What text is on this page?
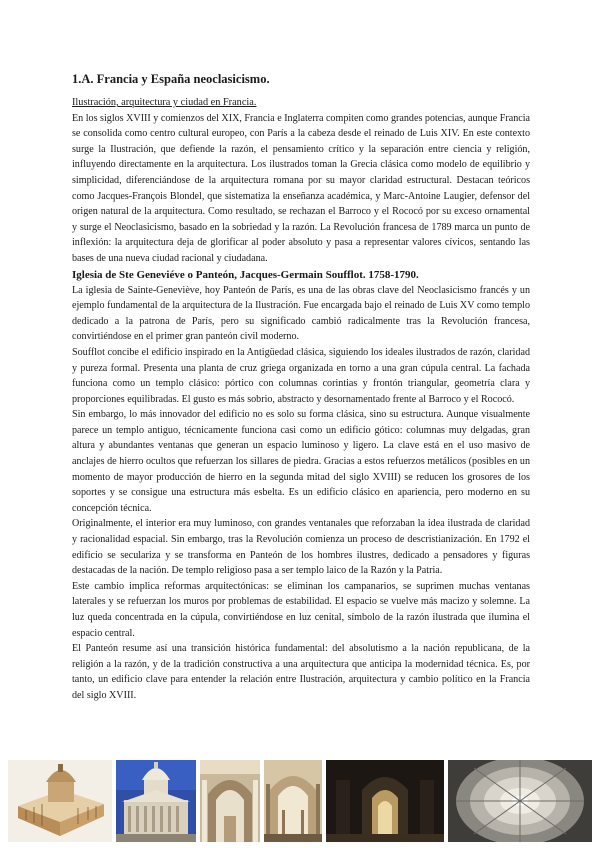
1.A. Francia y España neoclasicismo.

Ilustración, arquitectura y ciudad en Francia.

En los siglos XVIII y comienzos del XIX, Francia e Inglaterra compiten como grandes potencias, aunque Francia se consolida como centro cultural europeo, con París a la cabeza desde el reinado de Luis XIV. En este contexto surge la Ilustración, que defiende la razón, el pensamiento crítico y la separación entre ciencia y religión, influyendo directamente en la arquitectura. Los ilustrados toman la Grecia clásica como modelo de equilibrio y simplicidad, diferenciándose de la arquitectura romana por su mayor claridad estructural. Destacan teóricos como Jacques-François Blondel, que sistematiza la enseñanza académica, y Marc-Antoine Laugier, defensor del origen natural de la arquitectura. Como resultado, se rechazan el Barroco y el Rococó por su exceso ornamental y surge el Neoclasicismo, basado en la sobriedad y la razón. La Revolución francesa de 1789 marca un punto de inflexión: la arquitectura deja de glorificar al poder absoluto y pasa a representar valores cívicos, sentando las bases de una nueva ciudad racional y ciudadana.

Iglesia de Ste Geneviéve o Panteón, Jacques-Germain Soufflot. 1758-1790.

La iglesia de Sainte-Geneviève, hoy Panteón de París, es una de las obras clave del Neoclasicismo francés y un ejemplo fundamental de la arquitectura de la Ilustración. Fue encargada bajo el reinado de Luis XV como templo dedicado a la patrona de París, pero su significado cambió radicalmente tras la Revolución francesa, convirtiéndose en el primer gran panteón civil moderno.

Soufflot concibe el edificio inspirado en la Antigüedad clásica, siguiendo los ideales ilustrados de razón, claridad y pureza formal. Presenta una planta de cruz griega organizada en torno a una gran cúpula central. La fachada funciona como un templo clásico: pórtico con columnas corintias y frontón triangular, geometría clara y proporciones equilibradas. El gusto es más sobrio, abstracto y desornamentado frente al Barroco y el Rococó.

Sin embargo, lo más innovador del edificio no es solo su forma clásica, sino su estructura. Aunque visualmente parece un templo antiguo, técnicamente funciona casi como un edificio gótico: columnas muy delgadas, gran altura y abundantes ventanas que generan un espacio luminoso y ligero. La clave está en el uso masivo de anclajes de hierro ocultos que refuerzan los sillares de piedra. Gracias a estos refuerzos metálicos (posibles en un momento de mayor producción de hierro en la segunda mitad del siglo XVIII) se reducen los grosores de los soportes y se consigue una estructura más esbelta. Es un edificio clásico en apariencia, pero moderno en su concepción técnica.

Originalmente, el interior era muy luminoso, con grandes ventanales que reforzaban la idea ilustrada de claridad y racionalidad espacial. Sin embargo, tras la Revolución comienza un proceso de descristianización. En 1792 el edificio se seculariza y se transforma en Panteón de los hombres ilustres, dedicado a pensadores y figuras destacadas de la nación. De templo religioso pasa a ser templo laico de la Razón y la Patria.

Este cambio implica reformas arquitectónicas: se eliminan los campanarios, se suprimen muchas ventanas laterales y se refuerzan los muros por problemas de estabilidad. El espacio se vuelve más macizo y solemne. La luz queda concentrada en la cúpula, convirtiéndose en luz cenital, símbolo de la razón ilustrada que ilumina el espacio central.

El Panteón resume así una transición histórica fundamental: del absolutismo a la nación republicana, de la religión a la razón, y de la tradición constructiva a una arquitectura que anticipa la modernidad técnica. Es, por tanto, un edificio clave para entender la relación entre Ilustración, arquitectura y cambio político en la Francia del siglo XVIII.
